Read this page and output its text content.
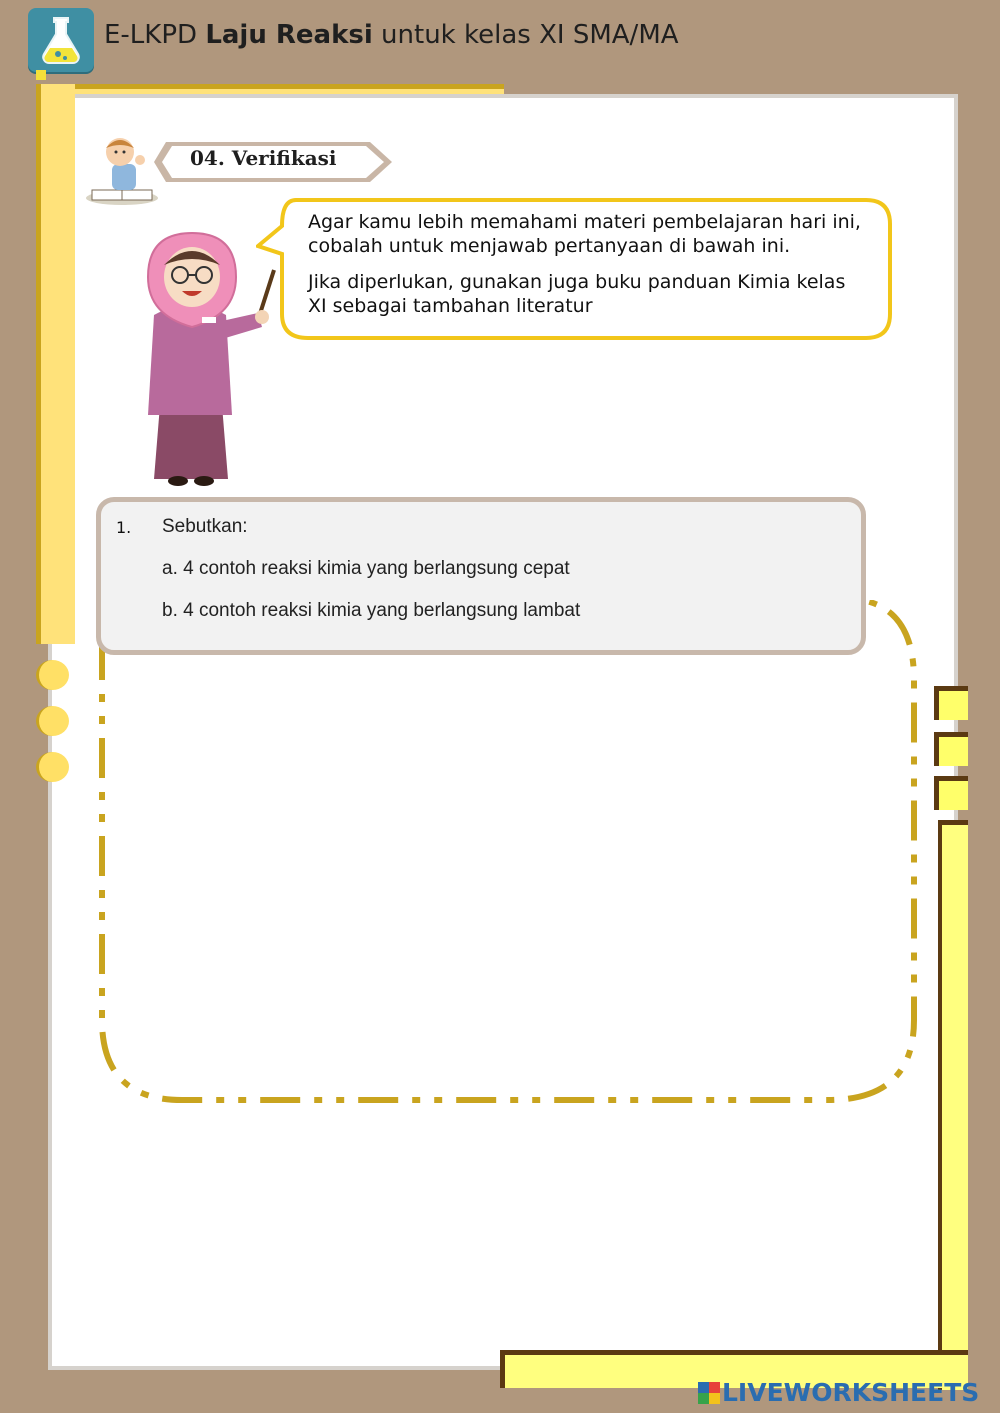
E-LKPD Laju Reaksi untuk kelas XI SMA/MA
04. Verifikasi

Agar kamu lebih memahami materi pembelajaran hari ini, cobalah untuk menjawab pertanyaan di bawah ini.

Jika diperlukan, gunakan juga buku panduan Kimia kelas XI sebagai tambahan literatur

1. Sebutkan:
a. 4 contoh reaksi kimia yang berlangsung cepat
b. 4 contoh reaksi kimia yang berlangsung lambat
LIVEWORKSHEETS
